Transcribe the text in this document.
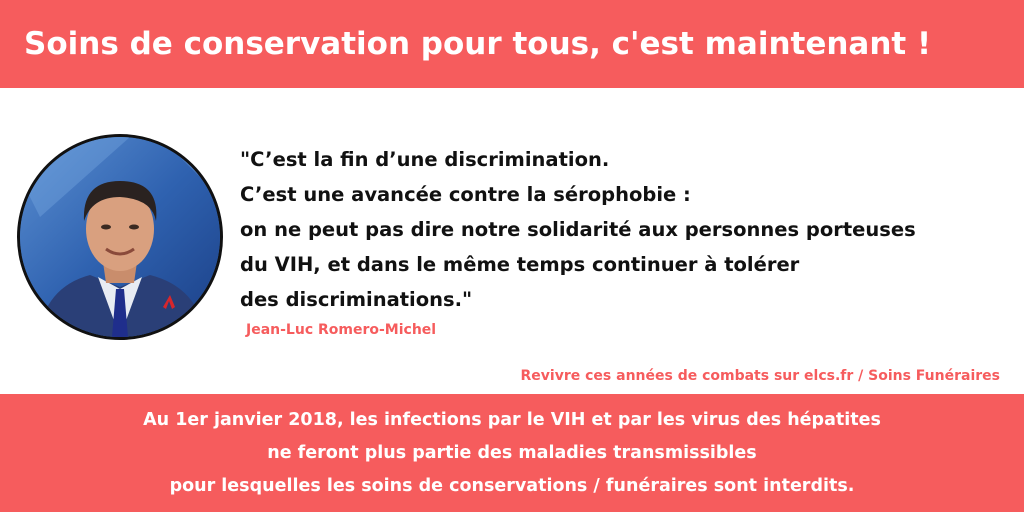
Soins de conservation pour tous, c'est maintenant !
"C’est la fin d’une discrimination.
C’est une avancée contre la sérophobie :
on ne peut pas dire notre solidarité aux personnes porteuses
du VIH, et dans le même temps continuer à tolérer
des discriminations."
Jean-Luc Romero-Michel
Revivre ces années de combats sur elcs.fr / Soins Funéraires
Au 1er janvier 2018, les infections par le VIH et par les virus des hépatites
ne feront plus partie des maladies transmissibles
pour lesquelles les soins de conservations / funéraires sont interdits.
